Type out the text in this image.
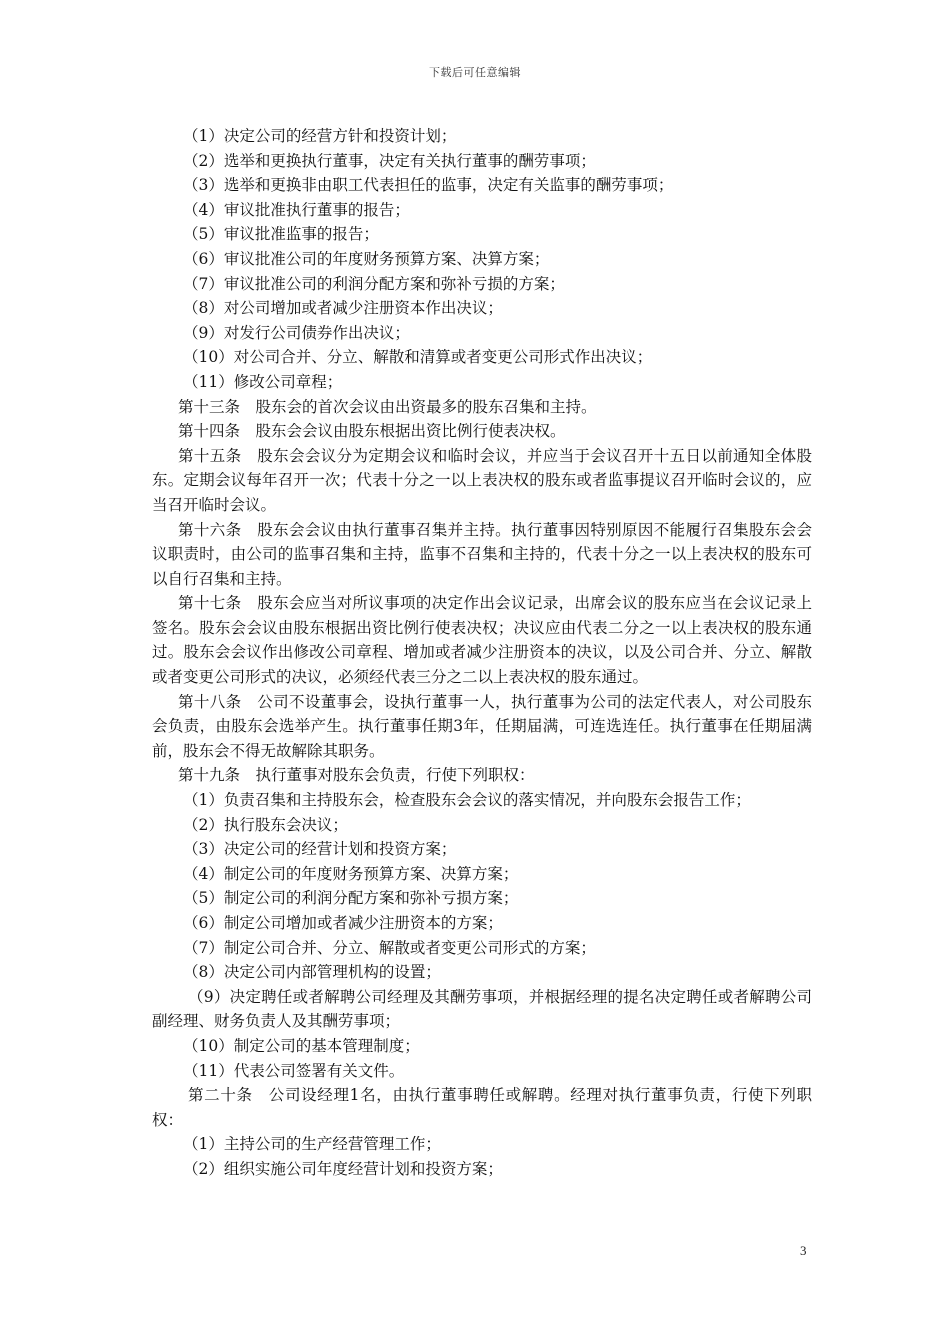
下载后可任意编辑
（1）决定公司的经营方针和投资计划；
（2）选举和更换执行董事，决定有关执行董事的酬劳事项；
（3）选举和更换非由职工代表担任的监事，决定有关监事的酬劳事项；
（4）审议批准执行董事的报告；
（5）审议批准监事的报告；
（6）审议批准公司的年度财务预算方案、决算方案；
（7）审议批准公司的利润分配方案和弥补亏损的方案；
（8）对公司增加或者减少注册资本作出决议；
（9）对发行公司债券作出决议；
（10）对公司合并、分立、解散和清算或者变更公司形式作出决议；
（11）修改公司章程；
第十三条　股东会的首次会议由出资最多的股东召集和主持。
第十四条　股东会会议由股东根据出资比例行使表决权。
第十五条　股东会会议分为定期会议和临时会议，并应当于会议召开十五日以前通知全体股东。定期会议每年召开一次；代表十分之一以上表决权的股东或者监事提议召开临时会议的，应当召开临时会议。
第十六条　股东会会议由执行董事召集并主持。执行董事因特别原因不能履行召集股东会会议职责时，由公司的监事召集和主持，监事不召集和主持的，代表十分之一以上表决权的股东可以自行召集和主持。
第十七条　股东会应当对所议事项的决定作出会议记录，出席会议的股东应当在会议记录上签名。股东会会议由股东根据出资比例行使表决权；决议应由代表二分之一以上表决权的股东通过。股东会会议作出修改公司章程、增加或者减少注册资本的决议，以及公司合并、分立、解散或者变更公司形式的决议，必须经代表三分之二以上表决权的股东通过。
第十八条　公司不设董事会，设执行董事一人，执行董事为公司的法定代表人，对公司股东会负责，由股东会选举产生。执行董事任期3年，任期届满，可连选连任。执行董事在任期届满前，股东会不得无故解除其职务。
第十九条　执行董事对股东会负责，行使下列职权：
（1）负责召集和主持股东会，检查股东会会议的落实情况，并向股东会报告工作；
（2）执行股东会决议；
（3）决定公司的经营计划和投资方案；
（4）制定公司的年度财务预算方案、决算方案；
（5）制定公司的利润分配方案和弥补亏损方案；
（6）制定公司增加或者减少注册资本的方案；
（7）制定公司合并、分立、解散或者变更公司形式的方案；
（8）决定公司内部管理机构的设置；
（9）决定聘任或者解聘公司经理及其酬劳事项，并根据经理的提名决定聘任或者解聘公司副经理、财务负责人及其酬劳事项；
（10）制定公司的基本管理制度；
（11）代表公司签署有关文件。
第二十条　公司设经理1名，由执行董事聘任或解聘。经理对执行董事负责，行使下列职权：
（1）主持公司的生产经营管理工作；
（2）组织实施公司年度经营计划和投资方案；
3
